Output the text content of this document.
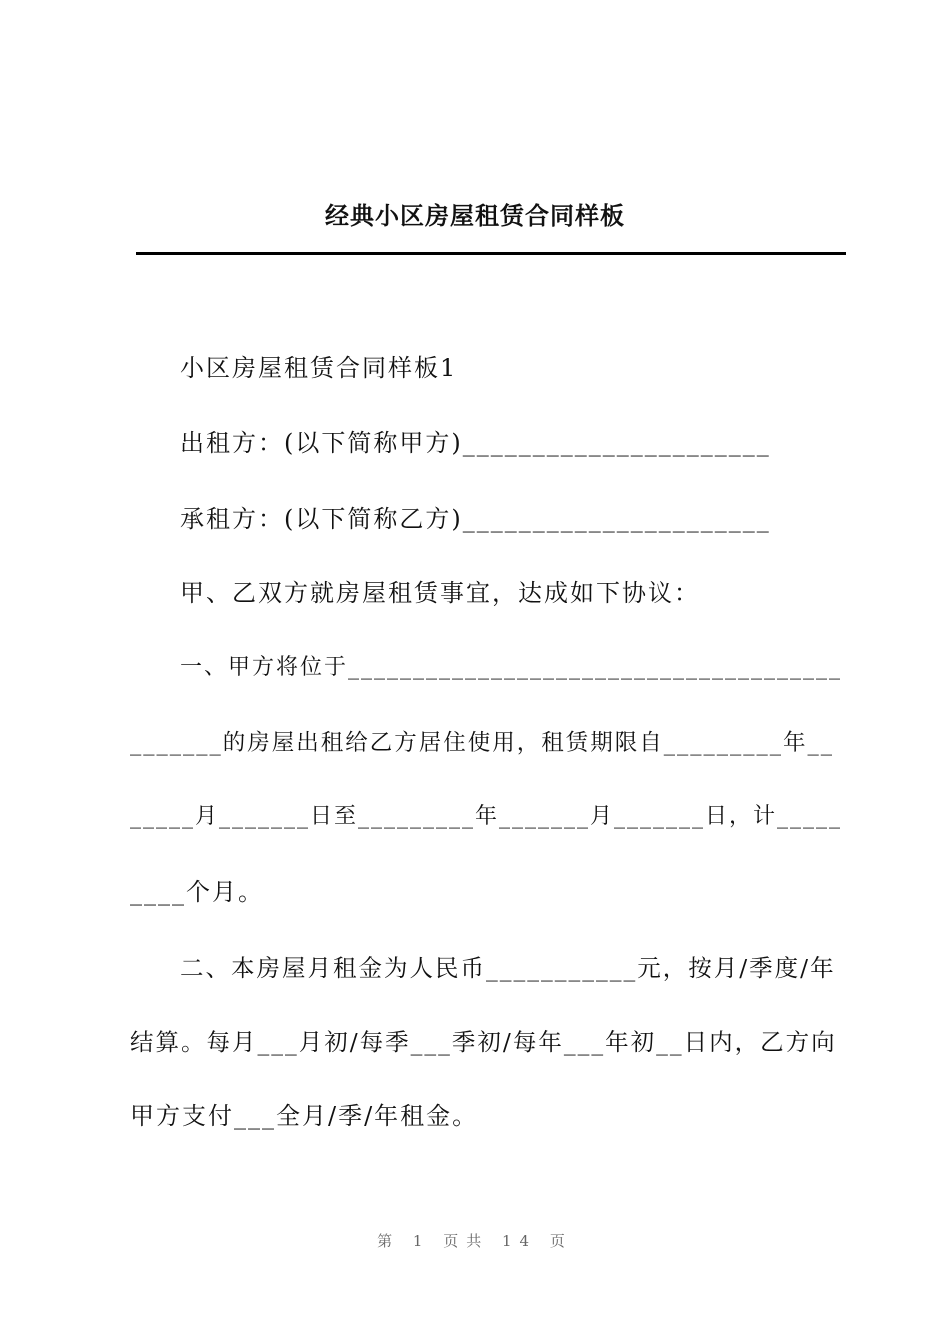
经典小区房屋租赁合同样板
小区房屋租赁合同样板1
出租方：(以下简称甲方)______________________
承租方：(以下简称乙方)______________________
甲、乙双方就房屋租赁事宜，达成如下协议：
一、甲方将位于______________________________________
_______的房屋出租给乙方居住使用，租赁期限自_________年__
_____月_______日至_________年_______月_______日，计_____
____个月。
二、本房屋月租金为人民币___________元，按月/季度/年
结算。每月___月初/每季___季初/每年___年初__日内，乙方向
甲方支付___全月/季/年租金。
第 1 页共 14 页
